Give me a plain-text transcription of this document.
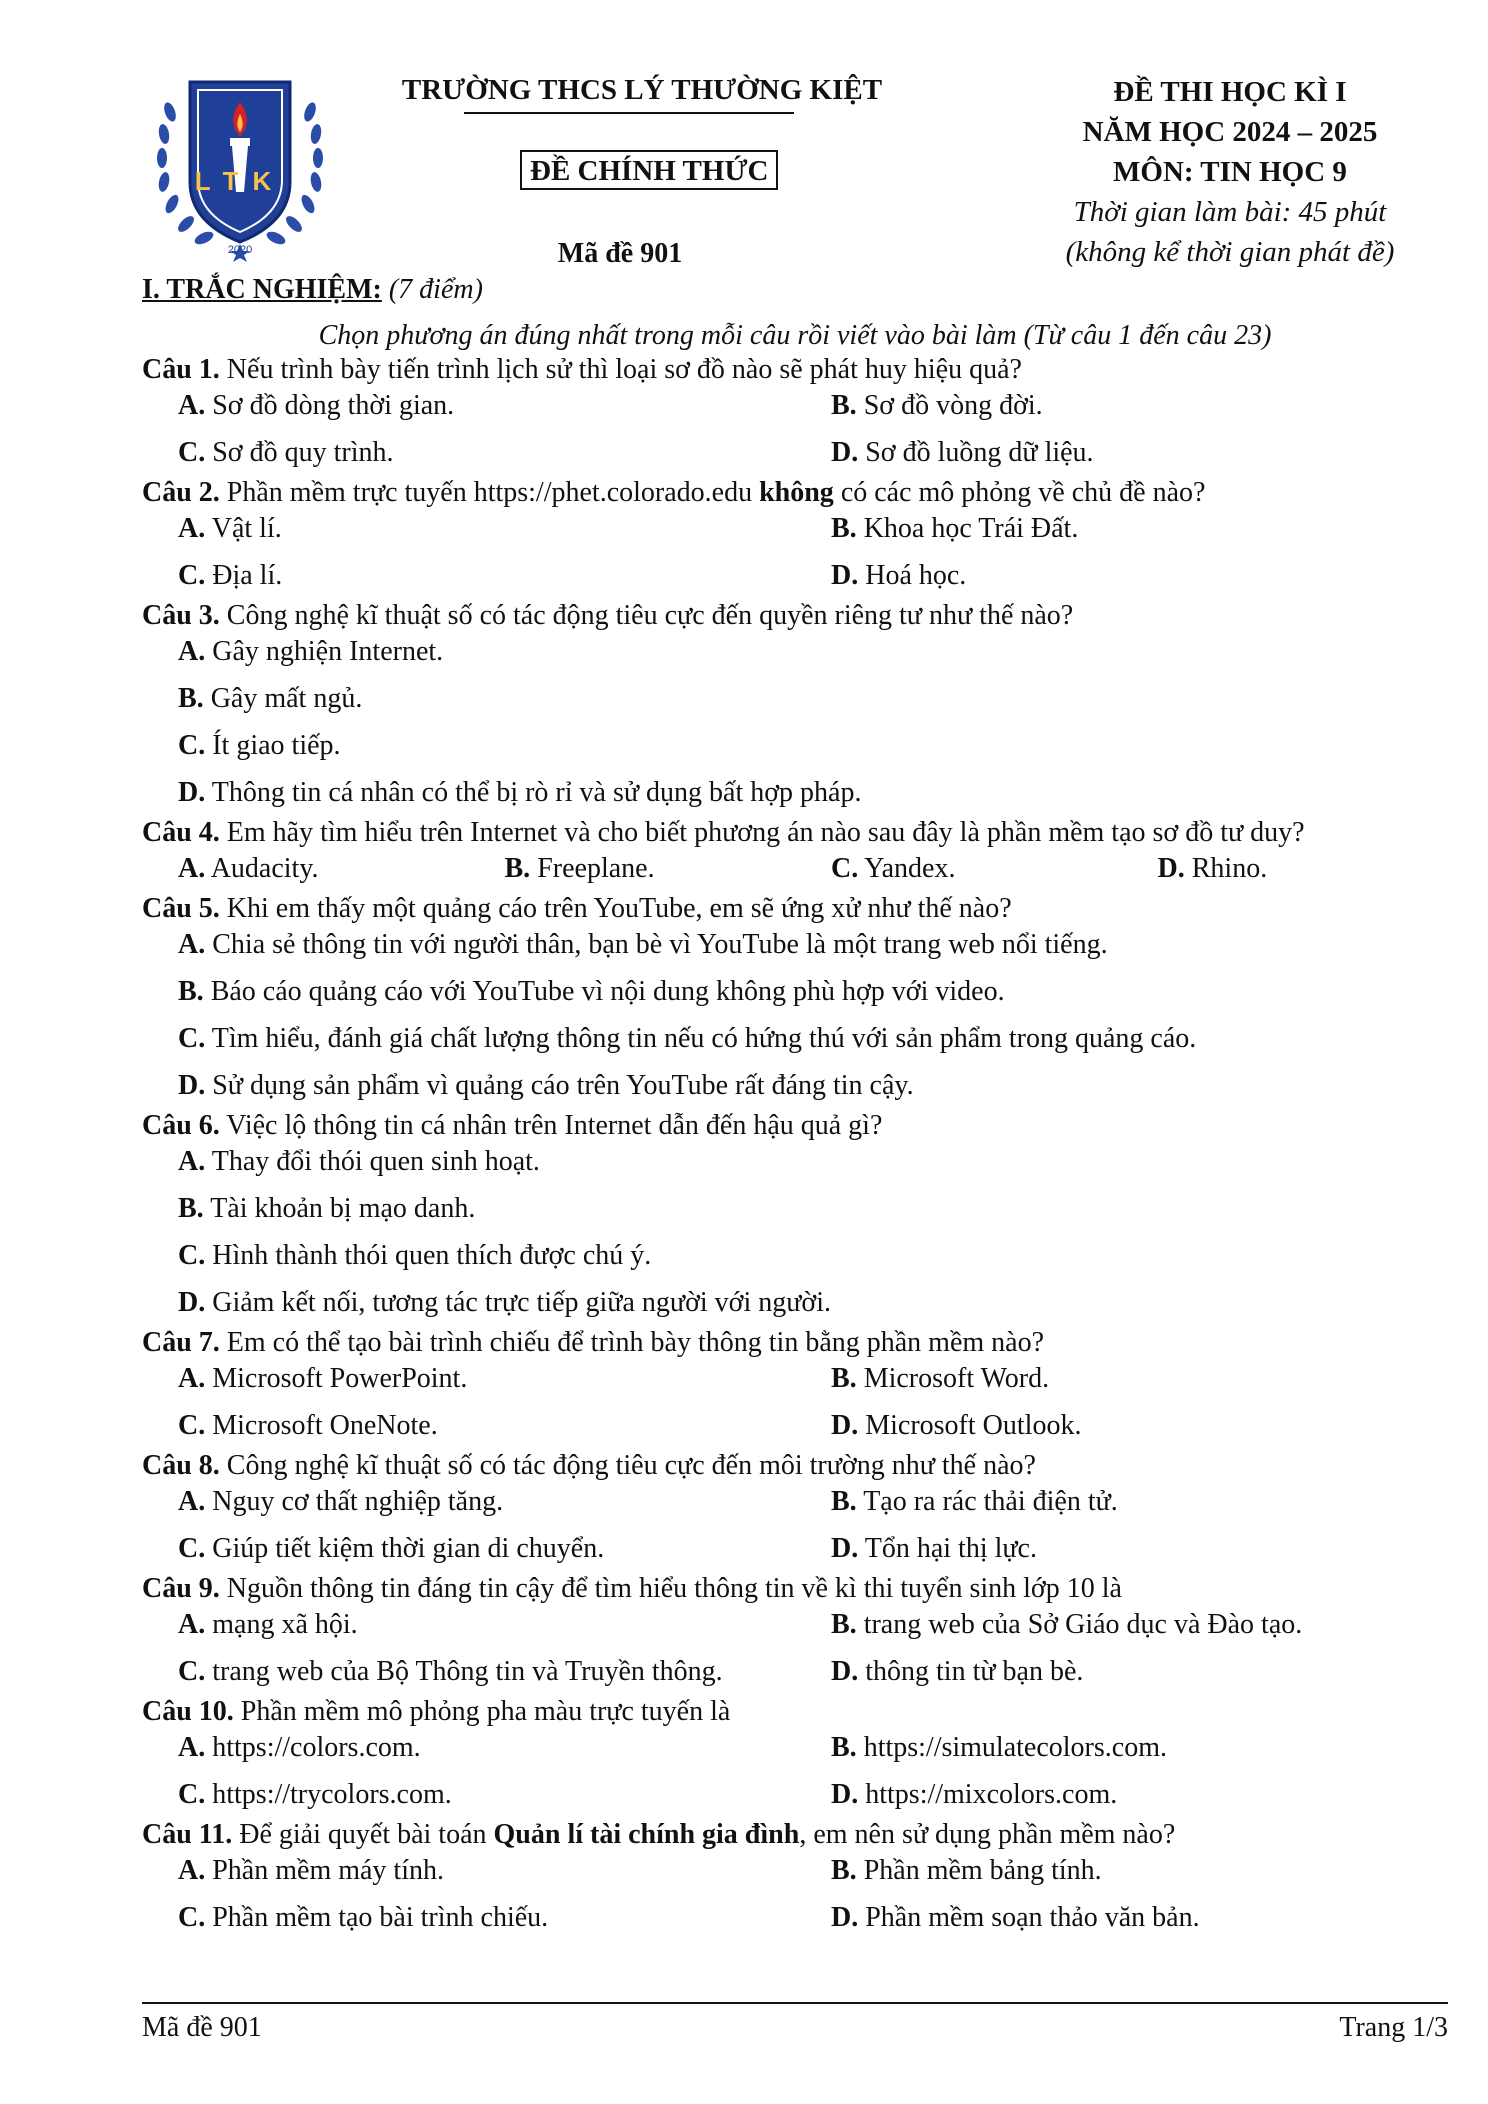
LTK
2020
TRƯỜNG THCS LÝ THƯỜNG KIỆT
ĐỀ CHÍNH THỨC
Mã đề 901
ĐỀ THI HỌC KÌ I
NĂM HỌC 2024 – 2025
MÔN: TIN HỌC 9
Thời gian làm bài: 45 phút
(không kể thời gian phát đề)
I. TRẮC NGHIỆM: (7 điểm)
Chọn phương án đúng nhất trong mỗi câu rồi viết vào bài làm (Từ câu 1 đến câu 23)
Câu 1. Nếu trình bày tiến trình lịch sử thì loại sơ đồ nào sẽ phát huy hiệu quả?
A. Sơ đồ dòng thời gian.	B. Sơ đồ vòng đời.
C. Sơ đồ quy trình.	D. Sơ đồ luồng dữ liệu.
Câu 2. Phần mềm trực tuyến https://phet.colorado.edu không có các mô phỏng về chủ đề nào?
A. Vật lí.	B. Khoa học Trái Đất.
C. Địa lí.	D. Hoá học.
Câu 3. Công nghệ kĩ thuật số có tác động tiêu cực đến quyền riêng tư như thế nào?
A. Gây nghiện Internet.
B. Gây mất ngủ.
C. Ít giao tiếp.
D. Thông tin cá nhân có thể bị rò rỉ và sử dụng bất hợp pháp.
Câu 4. Em hãy tìm hiểu trên Internet và cho biết phương án nào sau đây là phần mềm tạo sơ đồ tư duy?
A. Audacity.	B. Freeplane.	C. Yandex.	D. Rhino.
Câu 5. Khi em thấy một quảng cáo trên YouTube, em sẽ ứng xử như thế nào?
A. Chia sẻ thông tin với người thân, bạn bè vì YouTube là một trang web nổi tiếng.
B. Báo cáo quảng cáo với YouTube vì nội dung không phù hợp với video.
C. Tìm hiểu, đánh giá chất lượng thông tin nếu có hứng thú với sản phẩm trong quảng cáo.
D. Sử dụng sản phẩm vì quảng cáo trên YouTube rất đáng tin cậy.
Câu 6. Việc lộ thông tin cá nhân trên Internet dẫn đến hậu quả gì?
A. Thay đổi thói quen sinh hoạt.
B. Tài khoản bị mạo danh.
C. Hình thành thói quen thích được chú ý.
D. Giảm kết nối, tương tác trực tiếp giữa người với người.
Câu 7. Em có thể tạo bài trình chiếu để trình bày thông tin bằng phần mềm nào?
A. Microsoft PowerPoint.	B. Microsoft Word.
C. Microsoft OneNote.	D. Microsoft Outlook.
Câu 8. Công nghệ kĩ thuật số có tác động tiêu cực đến môi trường như thế nào?
A. Nguy cơ thất nghiệp tăng.	B. Tạo ra rác thải điện tử.
C. Giúp tiết kiệm thời gian di chuyển.	D. Tổn hại thị lực.
Câu 9. Nguồn thông tin đáng tin cậy để tìm hiểu thông tin về kì thi tuyển sinh lớp 10 là
A. mạng xã hội.	B. trang web của Sở Giáo dục và Đào tạo.
C. trang web của Bộ Thông tin và Truyền thông.	D. thông tin từ bạn bè.
Câu 10. Phần mềm mô phỏng pha màu trực tuyến là
A. https://colors.com.	B. https://simulatecolors.com.
C. https://trycolors.com.	D. https://mixcolors.com.
Câu 11. Để giải quyết bài toán Quản lí tài chính gia đình, em nên sử dụng phần mềm nào?
A. Phần mềm máy tính.	B. Phần mềm bảng tính.
C. Phần mềm tạo bài trình chiếu.	D. Phần mềm soạn thảo văn bản.
Mã đề 901	Trang 1/3
